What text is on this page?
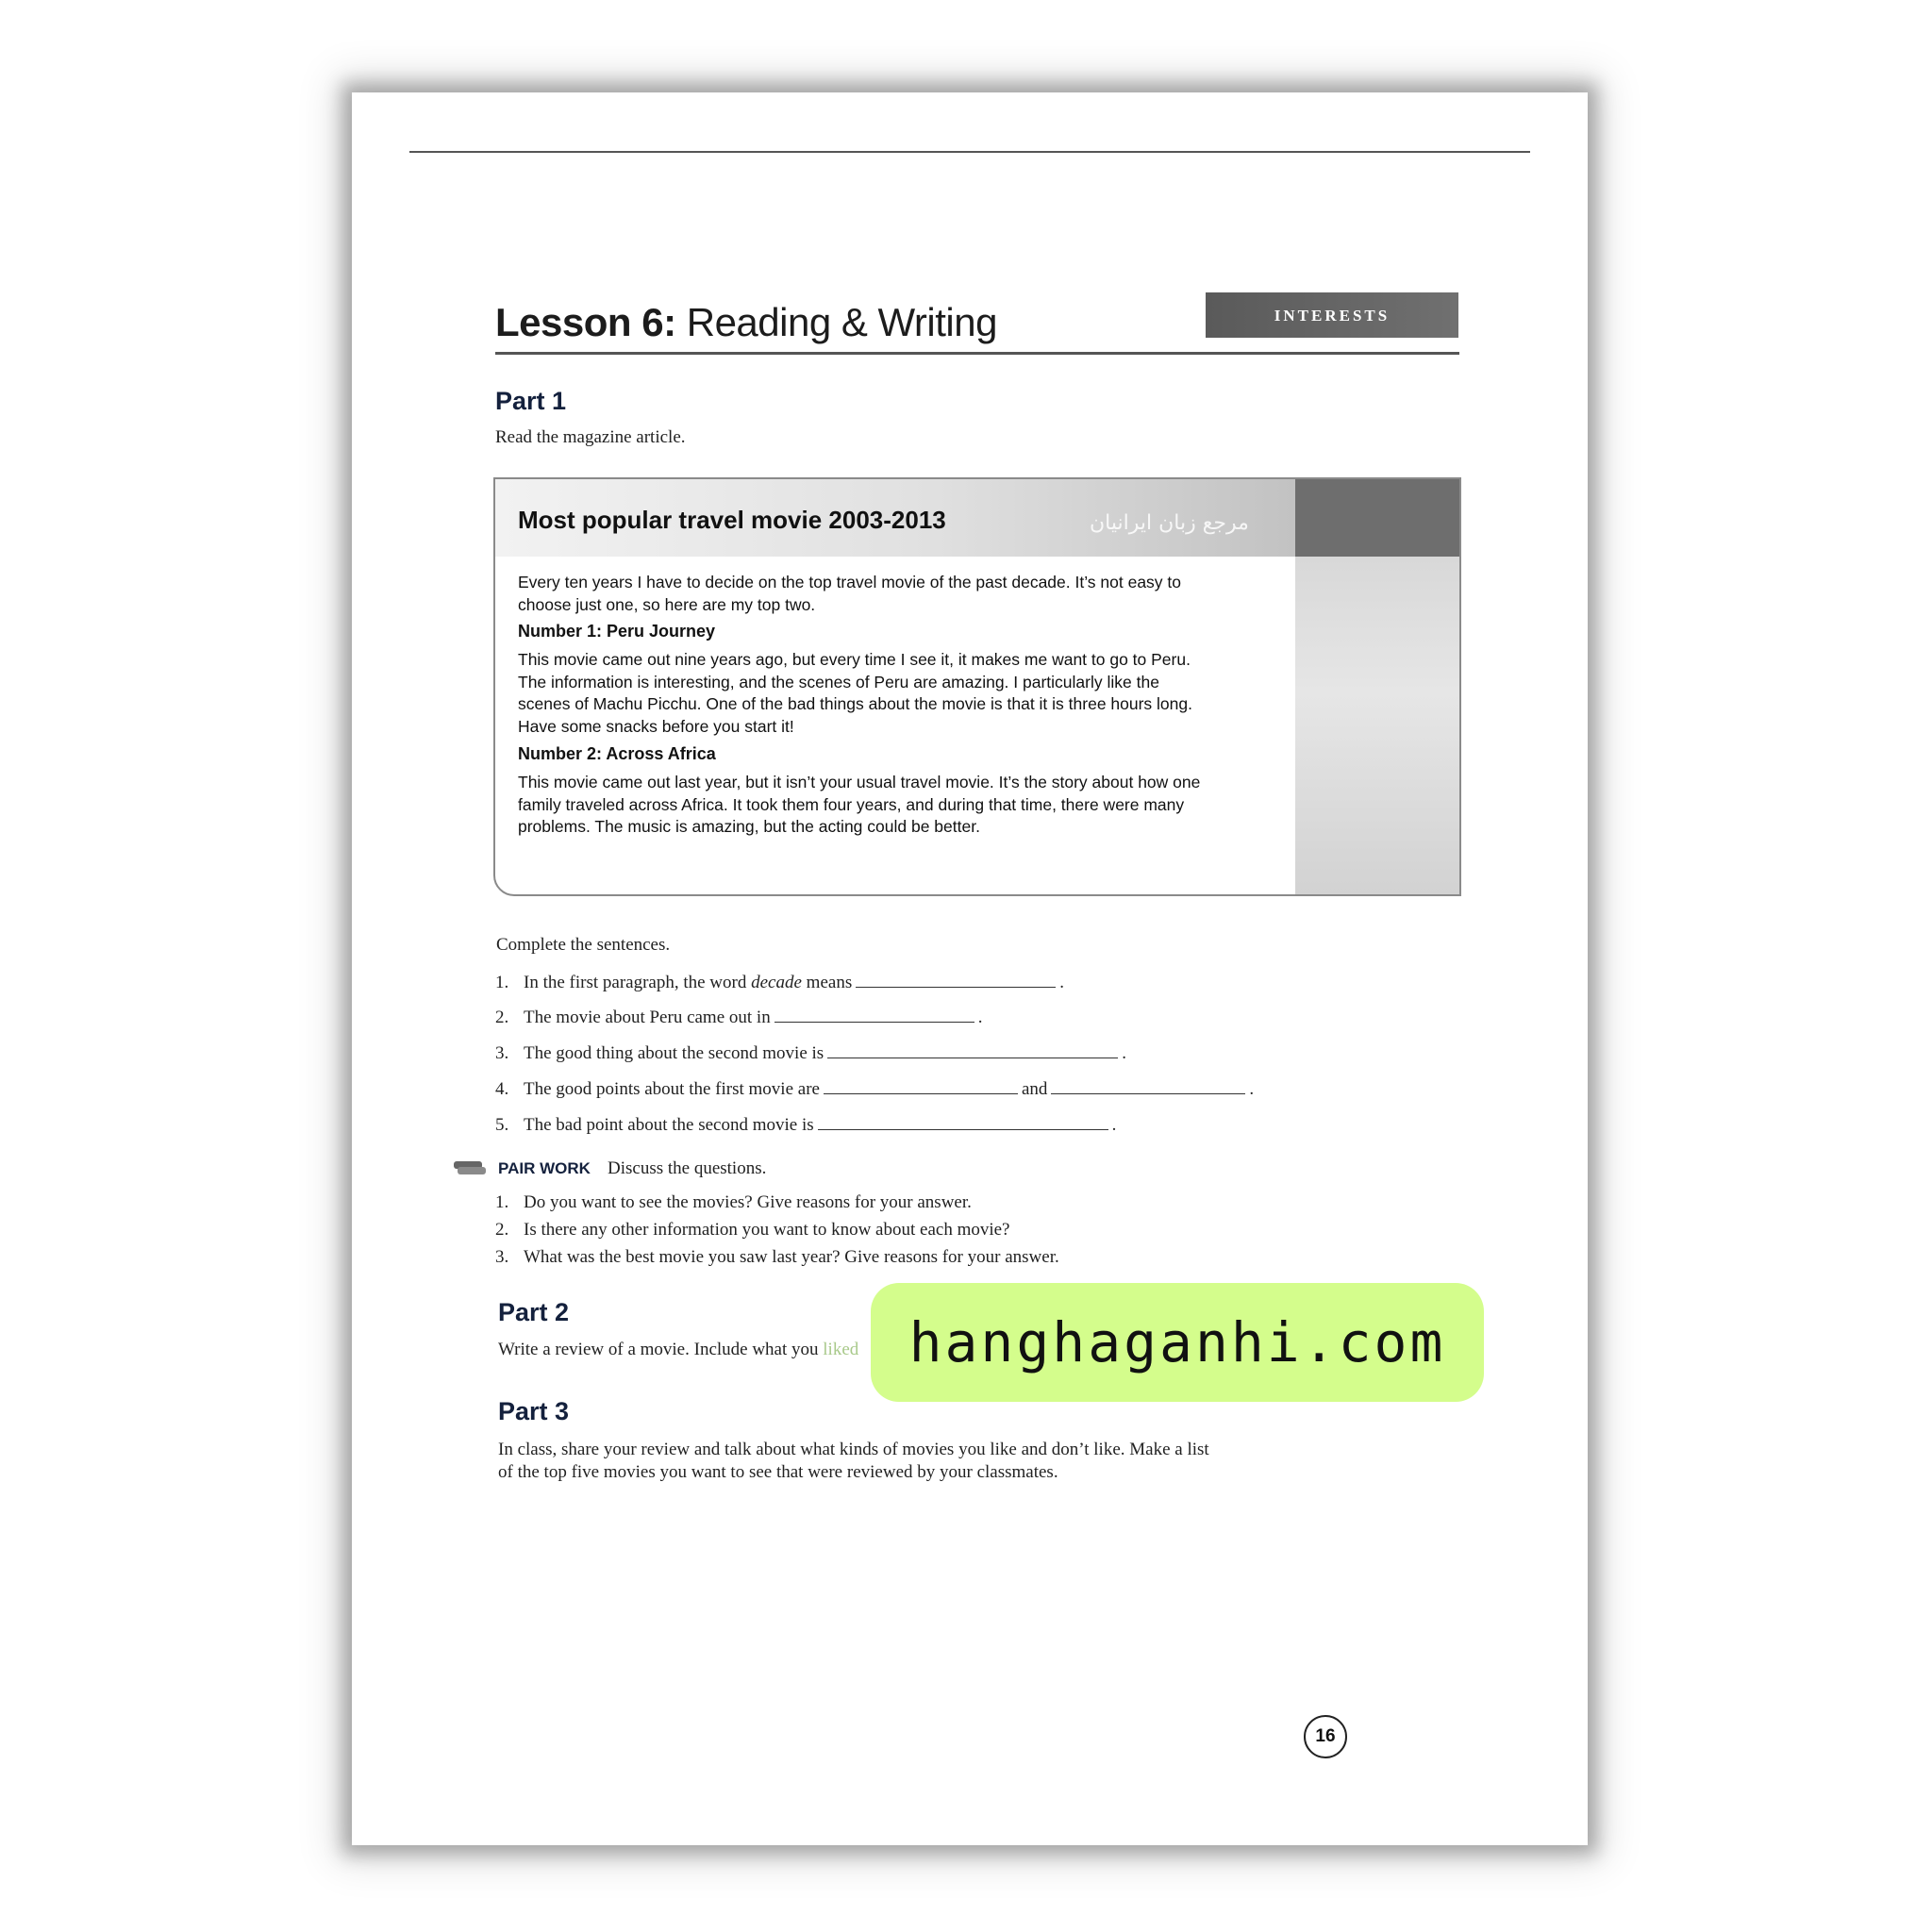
Lesson 6: Reading & Writing	INTERESTS
Part 1

Read the magazine article.

Most popular travel movie 2003-2013	مرجع زبان ایرانیان

Every ten years I have to decide on the top travel movie of the past decade. It’s not easy to choose just one, so here are my top two.

Number 1: Peru Journey

This movie came out nine years ago, but every time I see it, it makes me want to go to Peru. The information is interesting, and the scenes of Peru are amazing. I particularly like the scenes of Machu Picchu. One of the bad things about the movie is that it is three hours long. Have some snacks before you start it!

Number 2: Across Africa

This movie came out last year, but it isn’t your usual travel movie. It’s the story about how one family traveled across Africa. It took them four years, and during that time, there were many problems. The music is amazing, but the acting could be better.

Complete the sentences.

1. In the first paragraph, the word decade means	.
2. The movie about Peru came out in	.
3. The good thing about the second movie is	.
4. The good points about the first movie are	and	.
5. The bad point about the second movie is	.

PAIR WORK Discuss the questions.

1. Do you want to see the movies? Give reasons for your answer.
2. Is there any other information you want to know about each movie?
3. What was the best movie you saw last year? Give reasons for your answer.
Part 2

Write a review of a movie. Include what you liked

Part 3

In class, share your review and talk about what kinds of movies you like and don’t like. Make a list

of the top five movies you want to see that were reviewed by your classmates.

16
hanghaganhi.com
